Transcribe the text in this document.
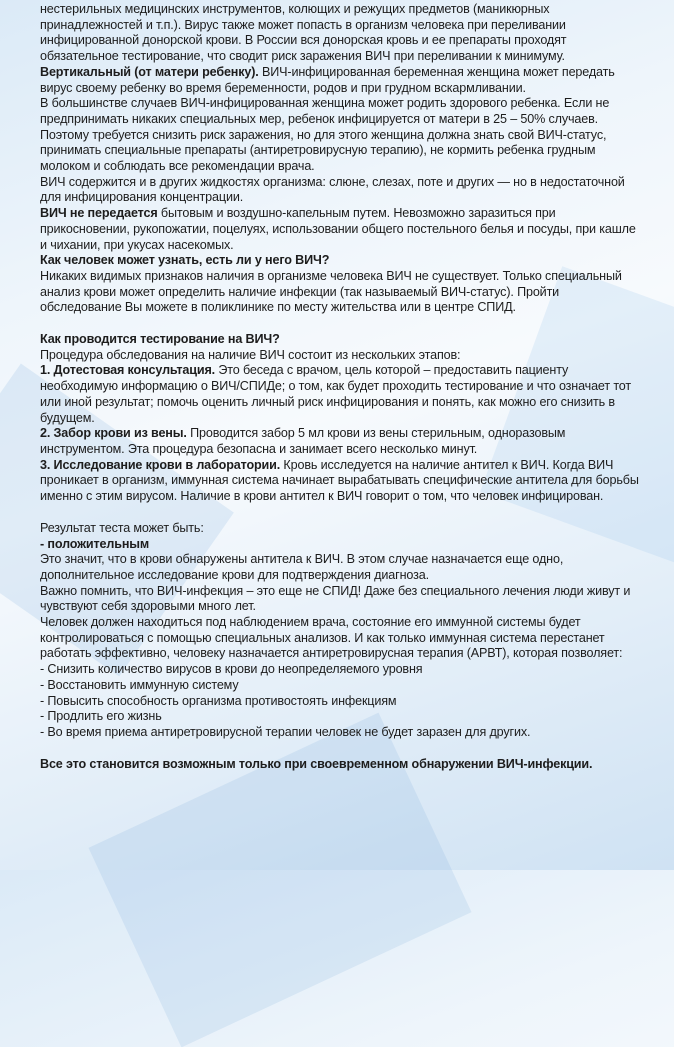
нестерильных медицинских инструментов, колющих и режущих предметов (маникюрных принадлежностей и т.п.). Вирус также может попасть в организм человека при переливании инфицированной донорской крови. В России вся донорская кровь и ее препараты проходят обязательное тестирование, что сводит риск заражения ВИЧ при переливании к минимуму.

Вертикальный (от матери ребенку). ВИЧ-инфицированная беременная женщина может передать вирус своему ребенку во время беременности, родов и при грудном вскармливании.

В большинстве случаев ВИЧ-инфицированная женщина может родить здорового ребенка. Если не предпринимать никаких специальных мер, ребенок инфицируется от матери в 25 – 50% случаев.

Поэтому требуется снизить риск заражения, но для этого женщина должна знать свой ВИЧ-статус, принимать специальные препараты (антиретровирусную терапию), не кормить ребенка грудным молоком и соблюдать все рекомендации врача.

ВИЧ содержится и в других жидкостях организма: слюне, слезах, поте и других — но в недостаточной для инфицирования концентрации.

ВИЧ не передается бытовым и воздушно-капельным путем. Невозможно заразиться при прикосновении, рукопожатии, поцелуях, использовании общего постельного белья и посуды, при кашле и чихании, при укусах насекомых.

Как человек может узнать, есть ли у него ВИЧ?

Никаких видимых признаков наличия в организме человека ВИЧ не существует. Только специальный анализ крови может определить наличие инфекции (так называемый ВИЧ-статус). Пройти обследование Вы можете в поликлинике по месту жительства или в центре СПИД.

Как проводится тестирование на ВИЧ?

Процедура обследования на наличие ВИЧ состоит из нескольких этапов:

1. Дотестовая консультация. Это беседа с врачом, цель которой – предоставить пациенту необходимую информацию о ВИЧ/СПИДе; о том, как будет проходить тестирование и что означает тот или иной результат; помочь оценить личный риск инфицирования и понять, как можно его снизить в будущем.

2. Забор крови из вены. Проводится забор 5 мл крови из вены стерильным, одноразовым инструментом. Эта процедура безопасна и занимает всего несколько минут.

3. Исследование крови в лаборатории. Кровь исследуется на наличие антител к ВИЧ. Когда ВИЧ проникает в организм, иммунная система начинает вырабатывать специфические антитела для борьбы именно с этим вирусом. Наличие в крови антител к ВИЧ говорит о том, что человек инфицирован.

Результат теста может быть:

- положительным

Это значит, что в крови обнаружены антитела к ВИЧ. В этом случае назначается еще одно, дополнительное исследование крови для подтверждения диагноза.

Важно помнить, что ВИЧ-инфекция – это еще не СПИД! Даже без специального лечения люди живут и чувствуют себя здоровыми много лет.

Человек должен находиться под наблюдением врача, состояние его иммунной системы будет контролироваться с помощью специальных анализов. И как только иммунная система перестанет работать эффективно, человеку назначается антиретровирусная терапия (АРВТ), которая позволяет:

- Снизить количество вирусов в крови до неопределяемого уровня

- Восстановить иммунную систему

- Повысить способность организма противостоять инфекциям

- Продлить его жизнь

- Во время приема антиретровирусной терапии человек не будет заразен для других.

Все это становится возможным только при своевременном обнаружении ВИЧ-инфекции.
